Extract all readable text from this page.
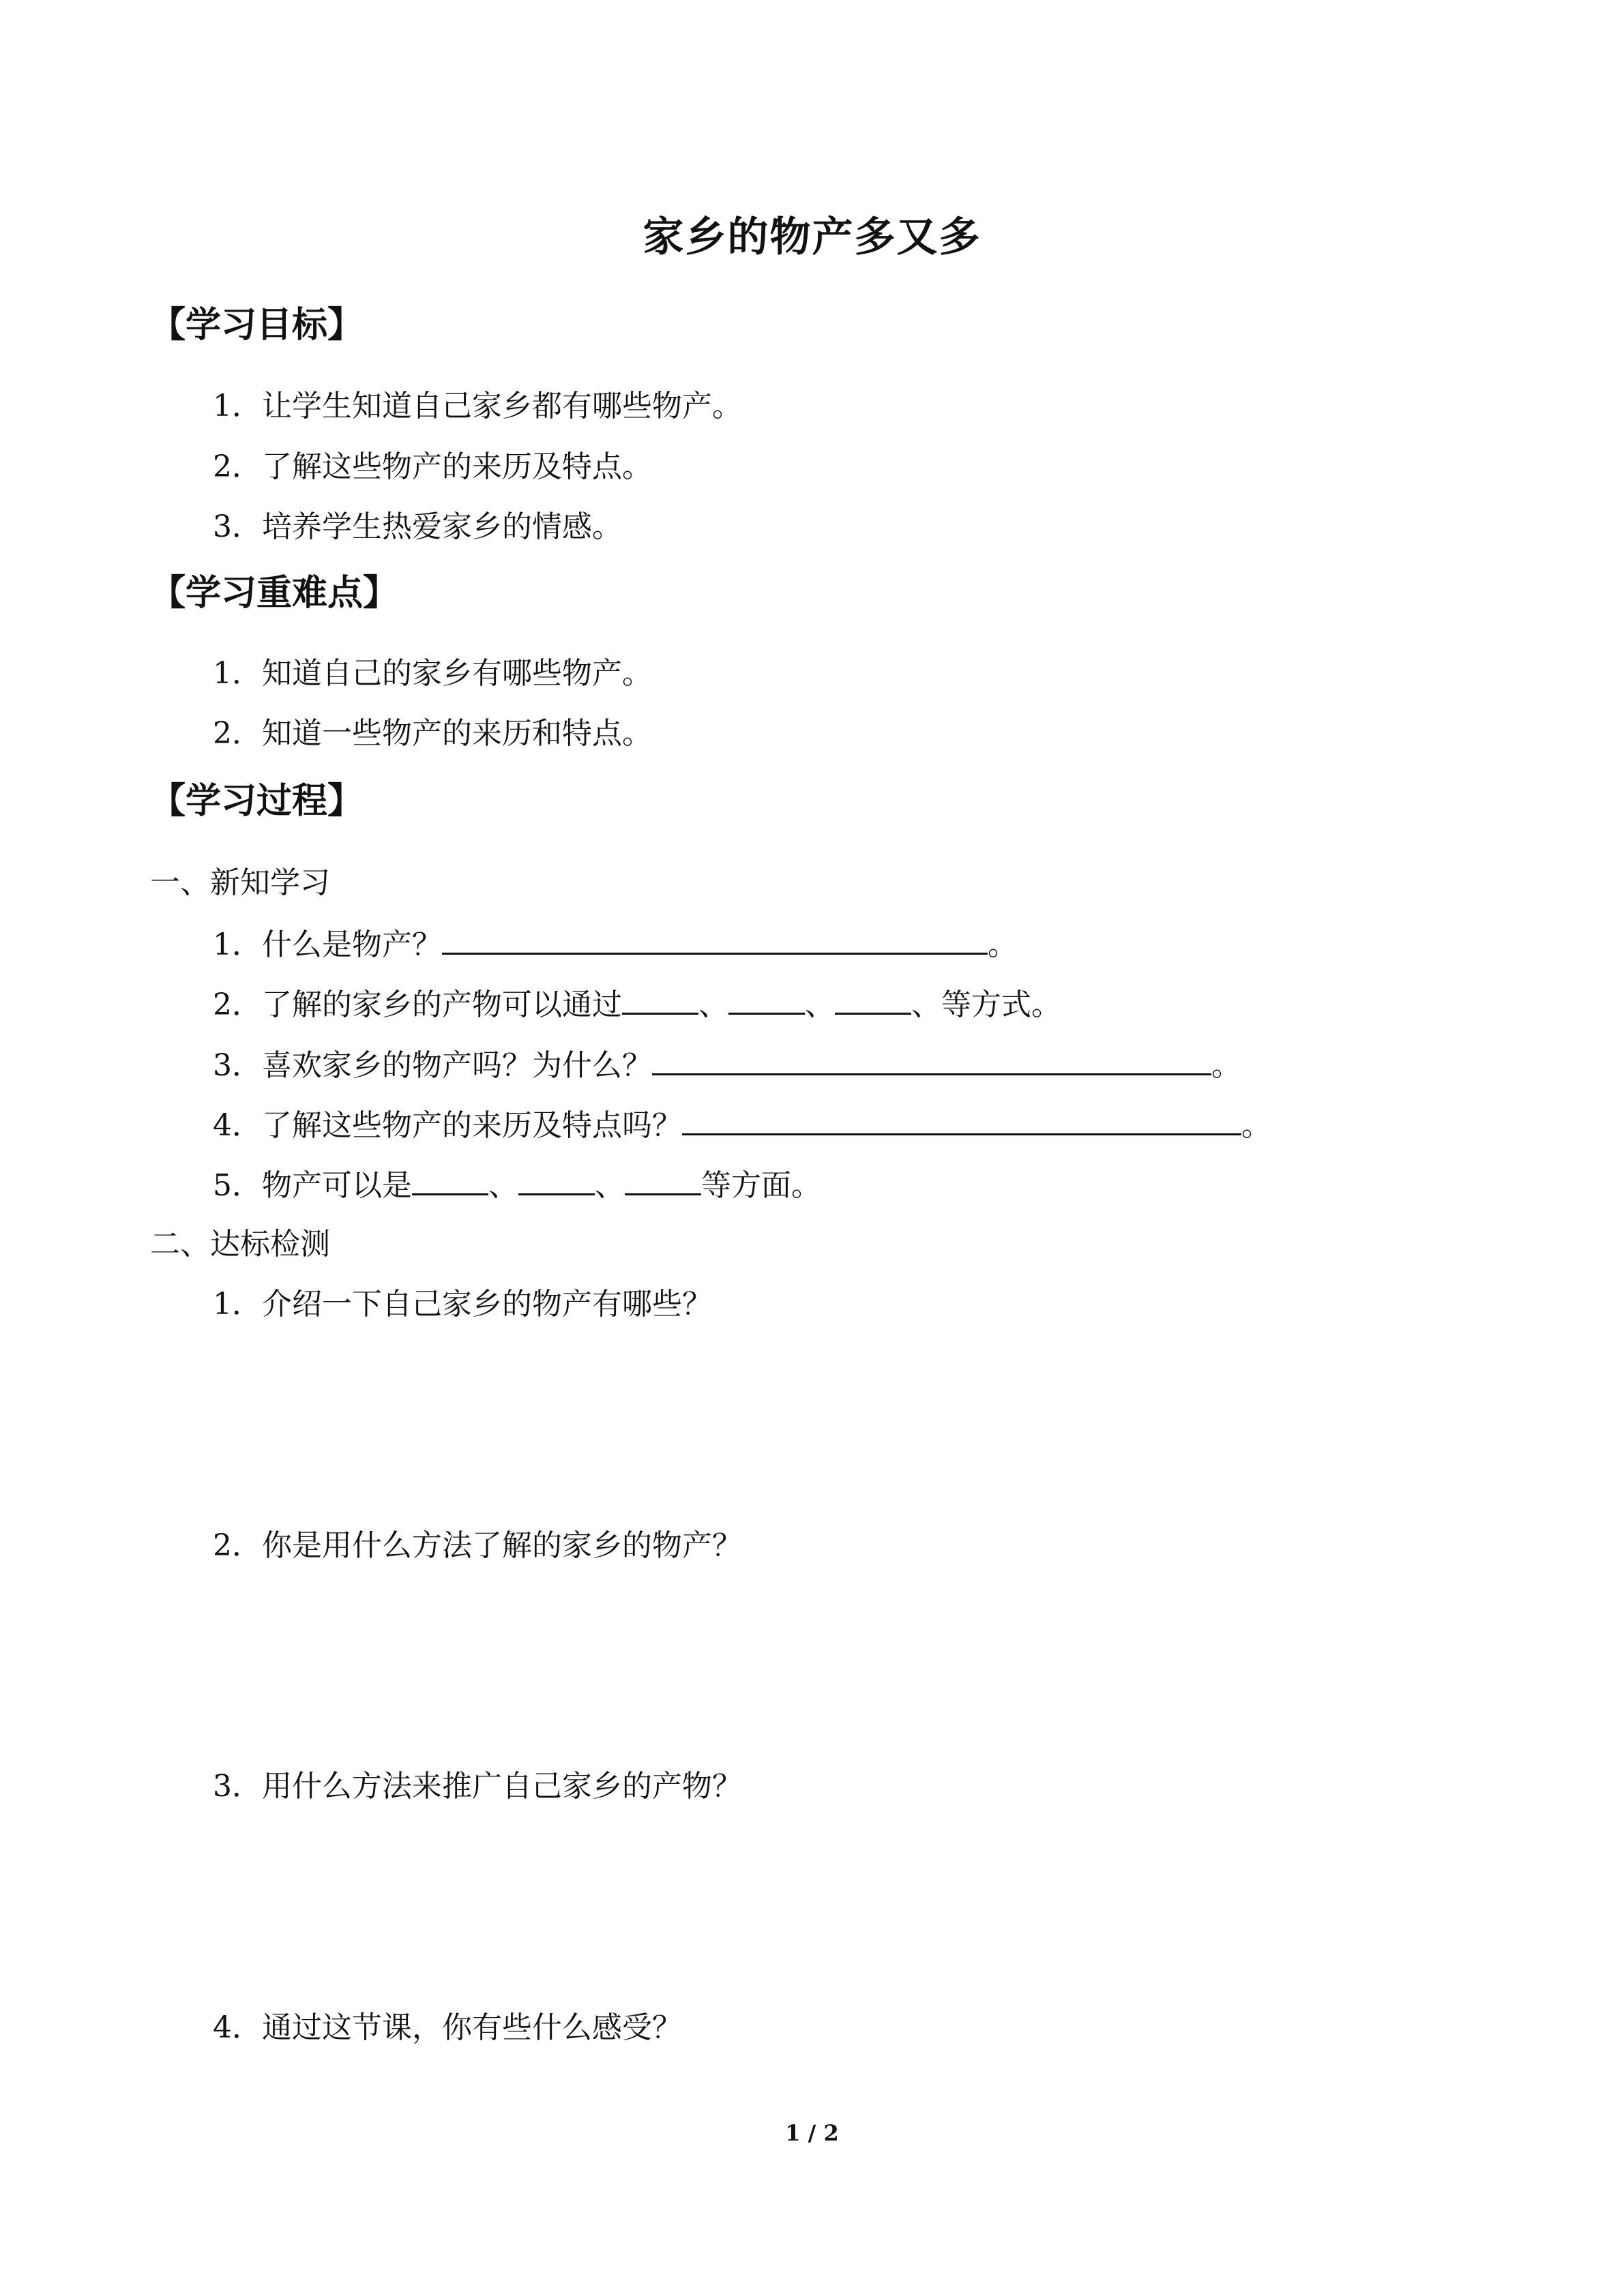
家乡的物产多又多
【学习目标】
1．让学生知道自己家乡都有哪些物产。
2．了解这些物产的来历及特点。
3．培养学生热爱家乡的情感。
【学习重难点】
1．知道自己的家乡有哪些物产。
2．知道一些物产的来历和特点。
【学习过程】
一、新知学习
1．什么是物产？	。
2．了解的家乡的产物可以通过	、	、	、等方式。
3．喜欢家乡的物产吗？为什么？	。
4．了解这些物产的来历及特点吗？	。
5．物产可以是	、	、	等方面。
二、达标检测
1．介绍一下自己家乡的物产有哪些？
2．你是用什么方法了解的家乡的物产？
3．用什么方法来推广自己家乡的产物？
4．通过这节课，你有些什么感受？
1 / 2
